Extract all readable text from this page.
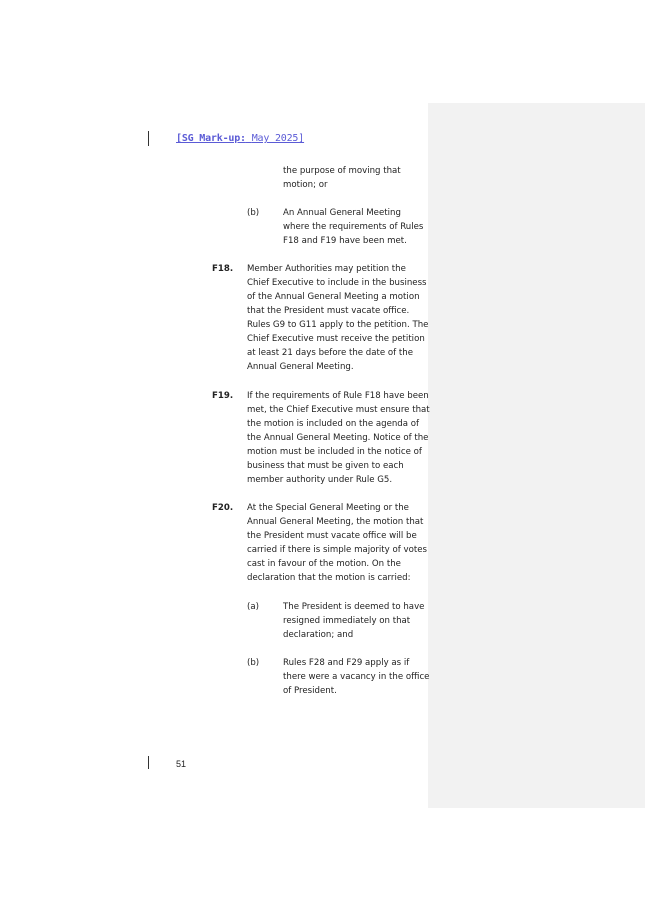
[SG Mark-up: May 2025]
the purpose of moving that
motion; or
(b)	An Annual General Meeting
where the requirements of Rules
F18 and F19 have been met.
F18. Member Authorities may petition the
Chief Executive to include in the business
of the Annual General Meeting a motion
that the President must vacate office.
Rules G9 to G11 apply to the petition. The
Chief Executive must receive the petition
at least 21 days before the date of the
Annual General Meeting.
F19. If the requirements of Rule F18 have been
met, the Chief Executive must ensure that
the motion is included on the agenda of
the Annual General Meeting. Notice of the
motion must be included in the notice of
business that must be given to each
member authority under Rule G5.
F20. At the Special General Meeting or the
Annual General Meeting, the motion that
the President must vacate office will be
carried if there is simple majority of votes
cast in favour of the motion. On the
declaration that the motion is carried:
(a)	The President is deemed to have
resigned immediately on that
declaration; and
(b)	Rules F28 and F29 apply as if
there were a vacancy in the office
of President.
51
